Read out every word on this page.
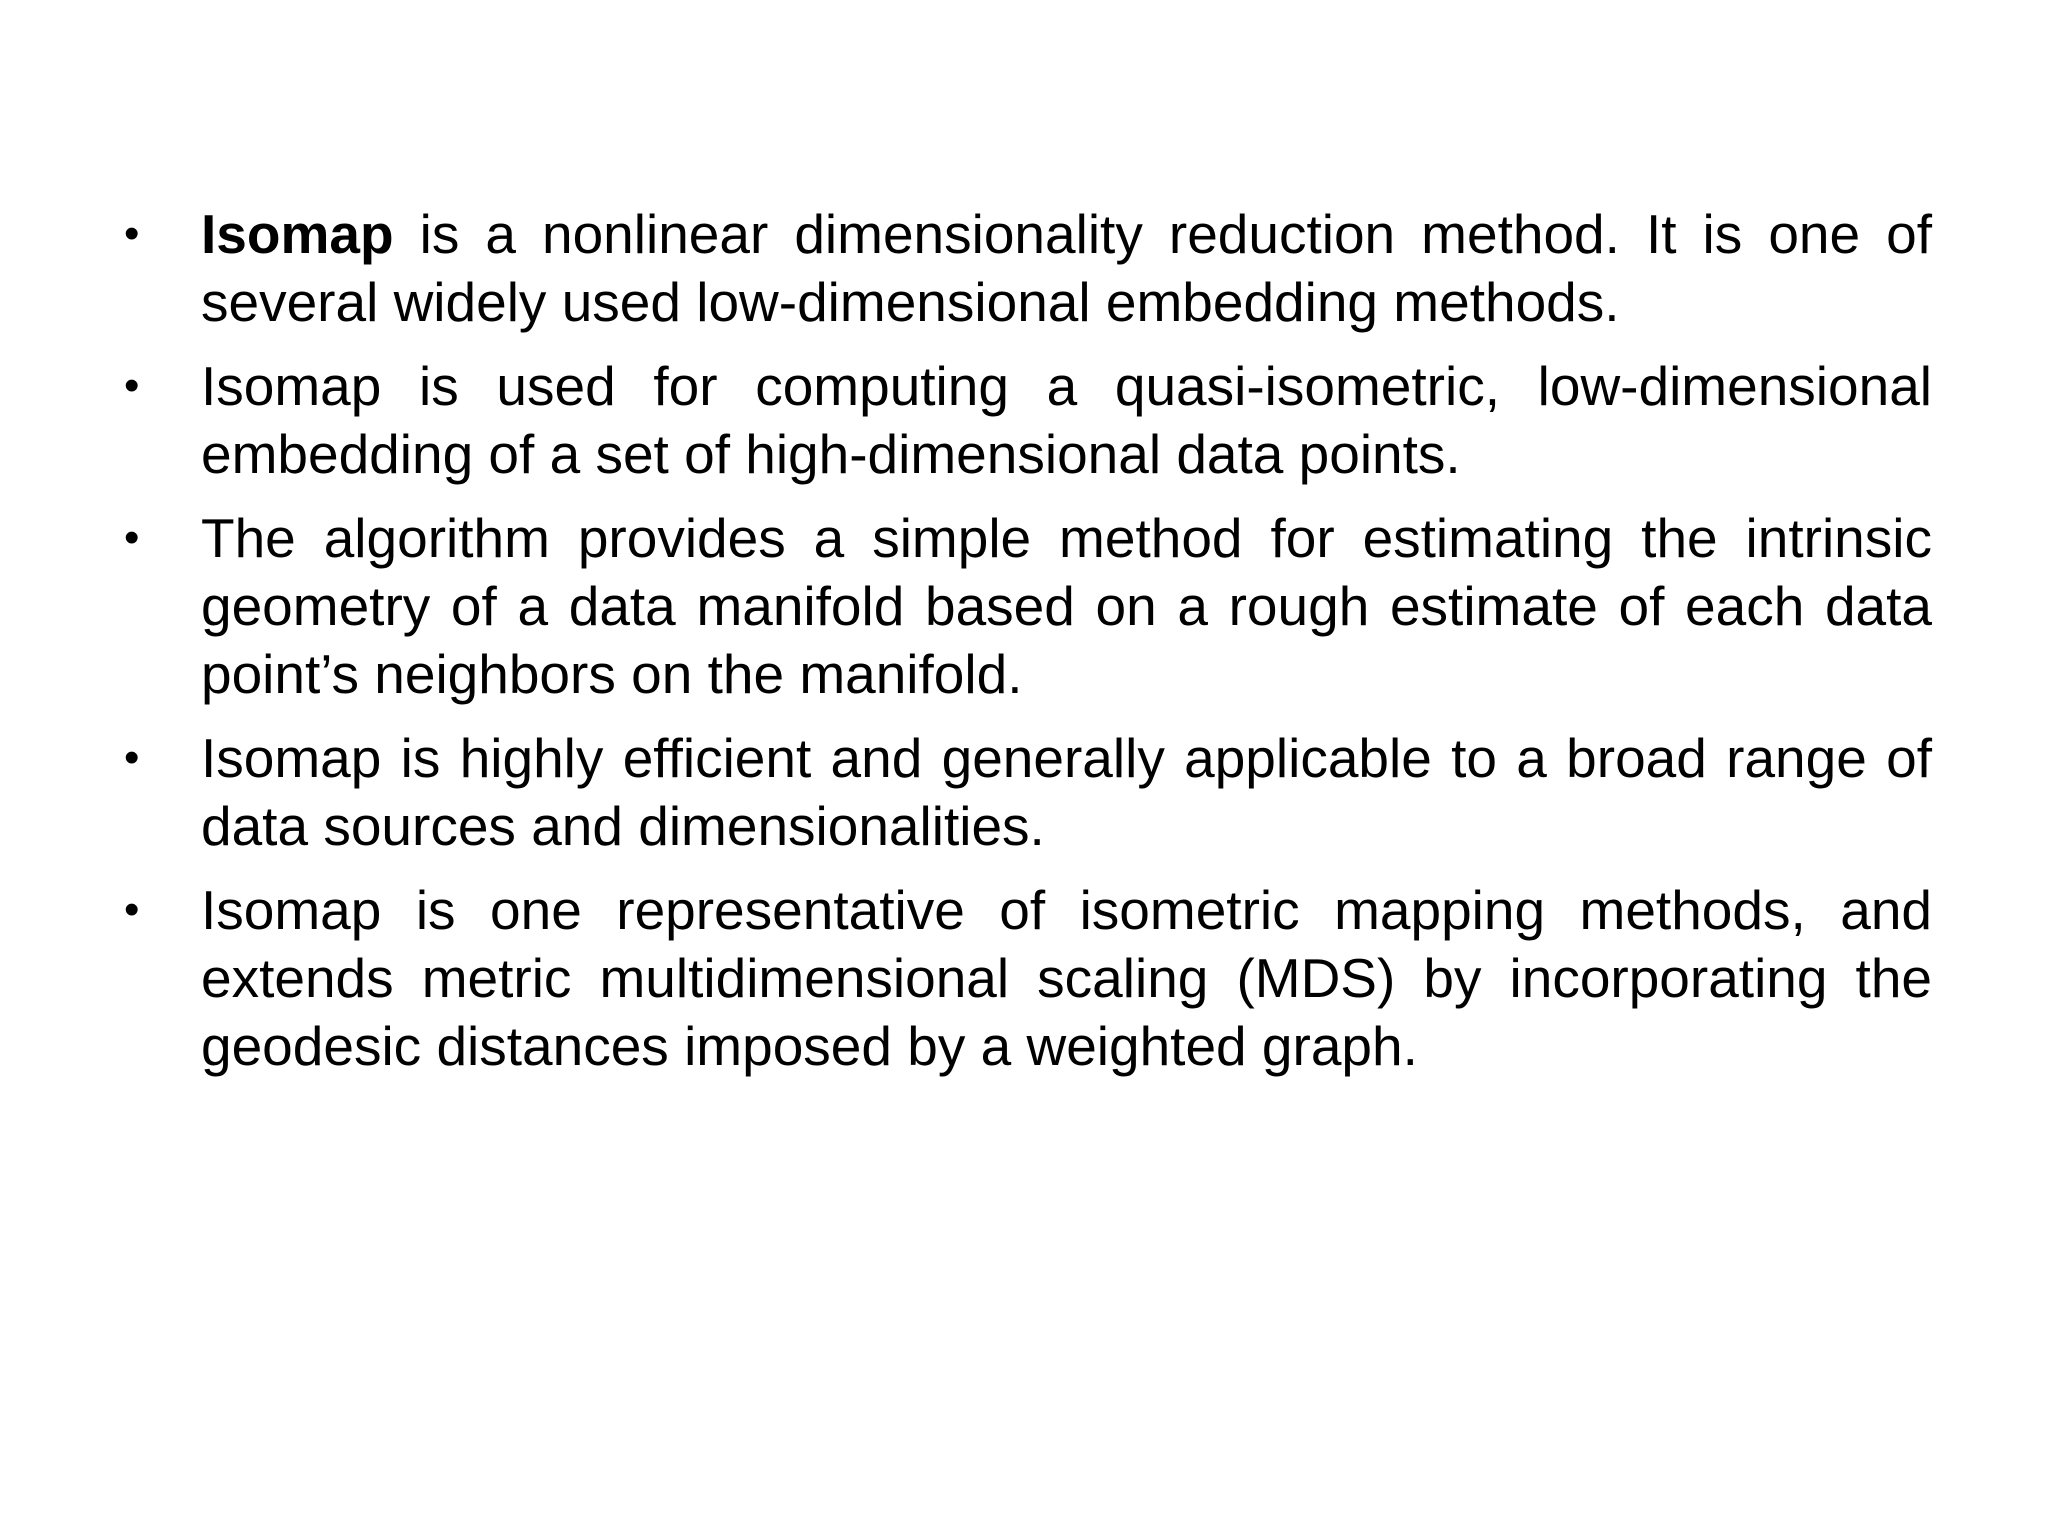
• Isomap is a nonlinear dimensionality reduction method. It is one of several widely used low-dimensional embedding methods.
• Isomap is used for computing a quasi-isometric, low-dimensional embedding of a set of high-dimensional data points.
• The algorithm provides a simple method for estimating the intrinsic geometry of a data manifold based on a rough estimate of each data point’s neighbors on the manifold.
• Isomap is highly efficient and generally applicable to a broad range of data sources and dimensionalities.
• Isomap is one representative of isometric mapping methods, and extends metric multidimensional scaling (MDS) by incorporating the geodesic distances imposed by a weighted graph.
